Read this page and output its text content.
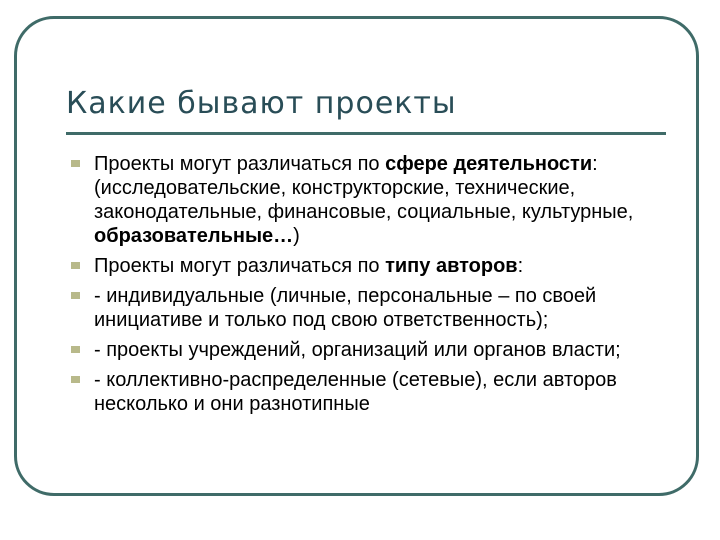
Какие бывают проекты
Проекты могут различаться по сфере деятельности: (исследовательские, конструкторские, технические, законодательные, финансовые, социальные, культурные, образовательные…)
Проекты могут различаться по типу авторов:
- индивидуальные (личные, персональные – по своей инициативе и только под свою ответственность);
- проекты учреждений, организаций или органов власти;
- коллективно-распределенные (сетевые), если авторов несколько и они разнотипные
